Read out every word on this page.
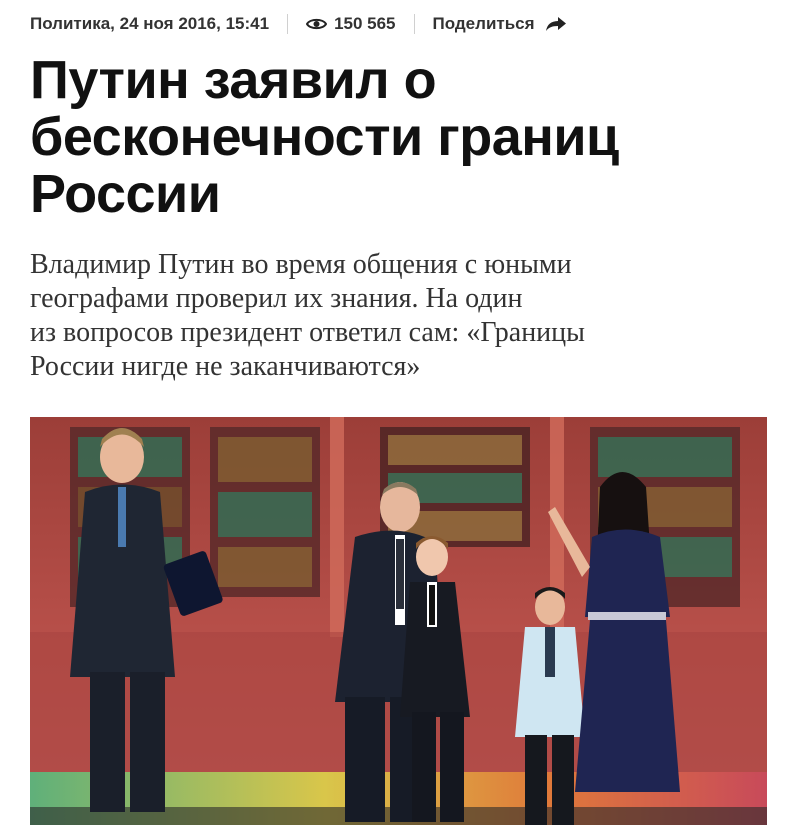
Политика, 24 ноя 2016, 15:41	150 565 Поделиться
Путин заявил о
бесконечности границ
России

Владимир Путин во время общения с юными
географами проверил их знания. На один
из вопросов президент ответил сам: «Границы
России нигде не заканчиваются»
